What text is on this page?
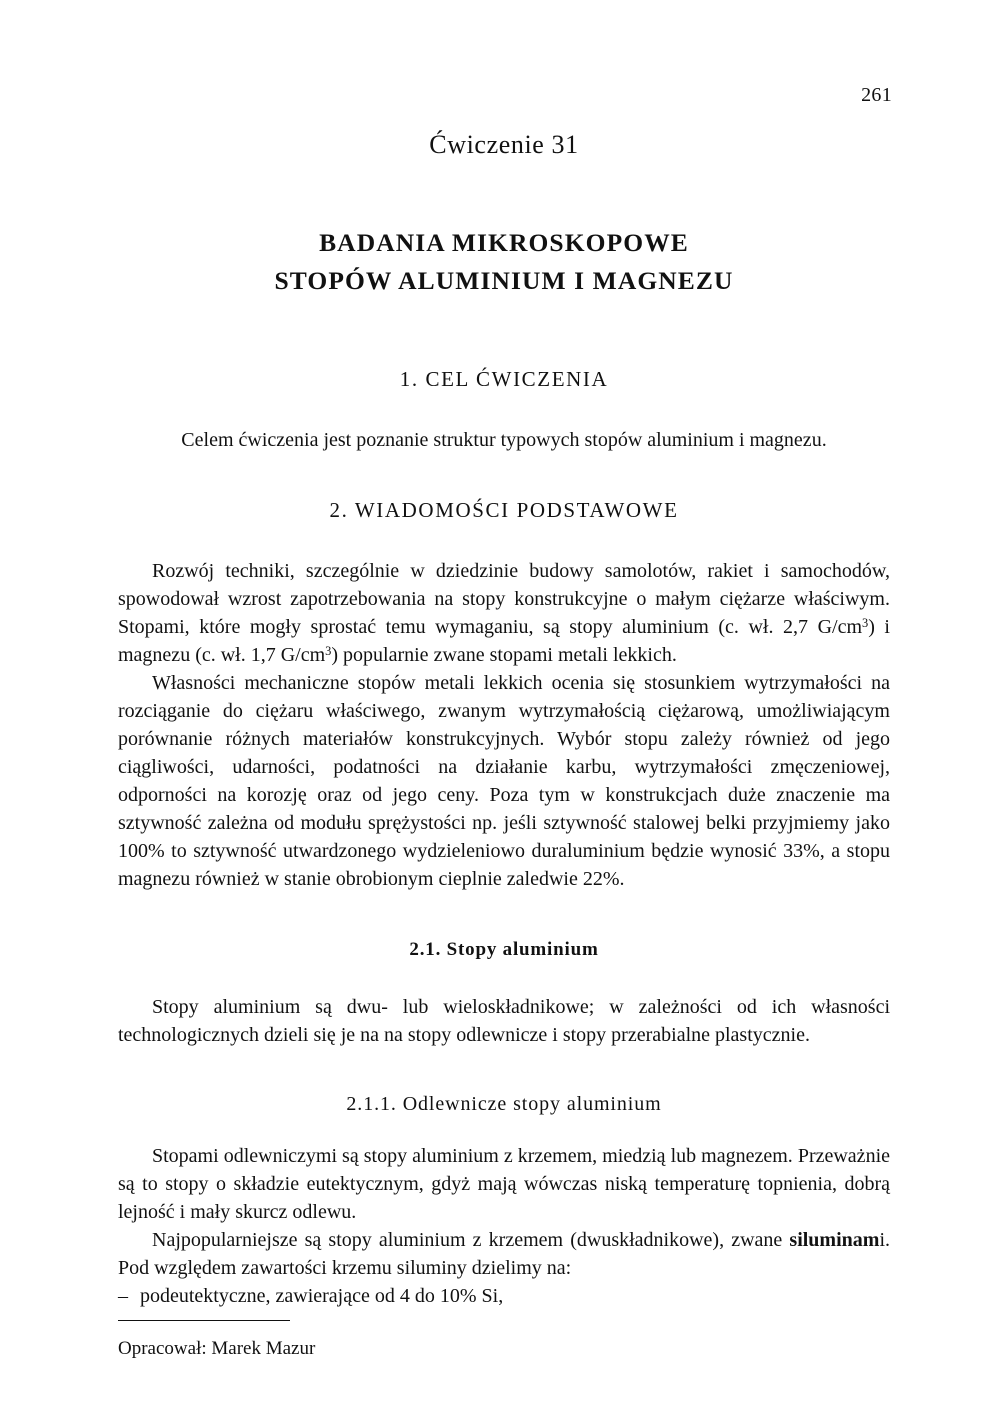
261
Ćwiczenie 31
BADANIA MIKROSKOPOWE
STOPÓW ALUMINIUM I MAGNEZU
1. CEL ĆWICZENIA

Celem ćwiczenia jest poznanie struktur typowych stopów aluminium i magnezu.

2. WIADOMOŚCI PODSTAWOWE

Rozwój techniki, szczególnie w dziedzinie budowy samolotów, rakiet i samochodów, spowodował wzrost zapotrzebowania na stopy konstrukcyjne o małym ciężarze właściwym. Stopami, które mogły sprostać temu wymaganiu, są stopy aluminium (c. wł. 2,7 $G/cm^3$) i magnezu (c. wł. 1,7 $G/cm^3$) popularnie zwane stopami metali lekkich.

Własności mechaniczne stopów metali lekkich ocenia się stosunkiem wytrzymałości na rozciąganie do ciężaru właściwego, zwanym wytrzymałością ciężarową, umożliwiającym porównanie różnych materiałów konstrukcyjnych. Wybór stopu zależy również od jego ciągliwości, udarności, podatności na działanie karbu, wytrzymałości zmęczeniowej, odporności na korozję oraz od jego ceny. Poza tym w konstrukcjach duże znaczenie ma sztywność zależna od modułu sprężystości np. jeśli sztywność stalowej belki przyjmiemy jako 100% to sztywność utwardzonego wydzieleniowo duraluminium będzie wynosić 33%, a stopu magnezu również w stanie obrobionym cieplnie zaledwie 22%.

2.1. Stopy aluminium

Stopy aluminium są dwu- lub wieloskładnikowe; w zależności od ich własności technologicznych dzieli się je na na stopy odlewnicze i stopy przerabialne plastycznie.

2.1.1. Odlewnicze stopy aluminium

Stopami odlewniczymi są stopy aluminium z krzemem, miedzią lub magnezem. Przeważnie są to stopy o składzie eutektycznym, gdyż mają wówczas niską temperaturę topnienia, dobrą lejność i mały skurcz odlewu.

Najpopularniejsze są stopy aluminium z krzemem (dwuskładnikowe), zwane siluminami. Pod względem zawartości krzemu siluminy dzielimy na:

– podeutektyczne, zawierające od 4 do 10% Si,

Opracował: Marek Mazur
